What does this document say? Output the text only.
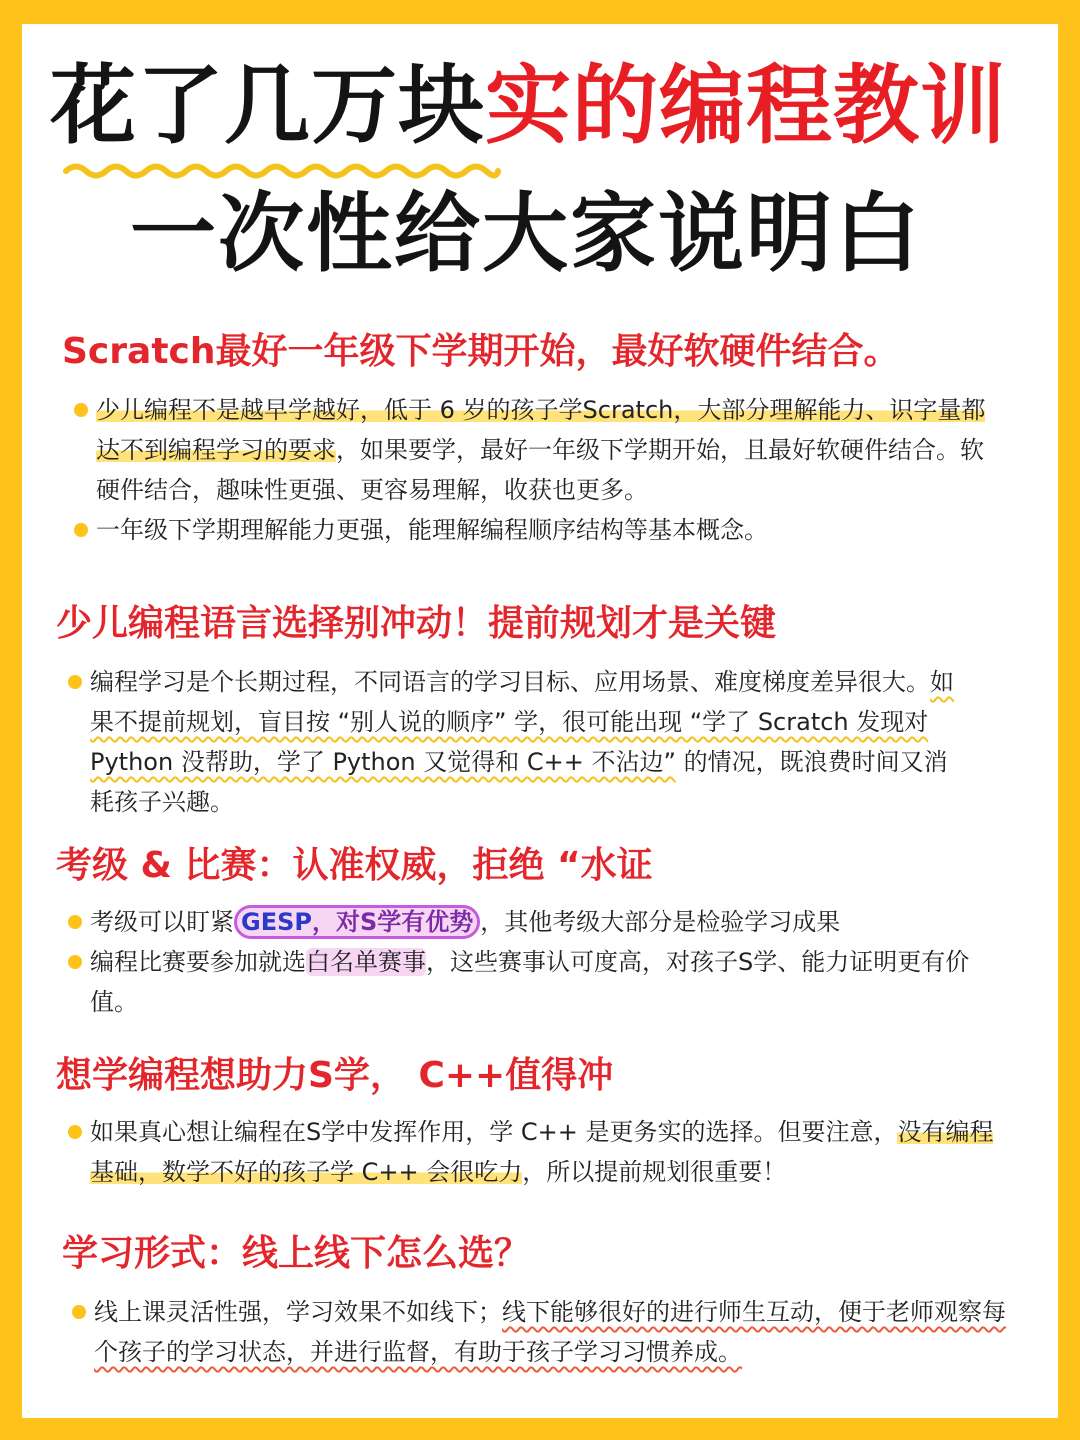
花了几万块实的编程教训
一次性给大家说明白
Scratch最好一年级下学期开始，最好软硬件结合。
少儿编程不是越早学越好，低于 6 岁的孩子学Scratch，大部分理解能力、识字量都达不到编程学习的要求，如果要学，最好一年级下学期开始，且最好软硬件结合。软硬件结合，趣味性更强、更容易理解，收获也更多。
一年级下学期理解能力更强，能理解编程顺序结构等基本概念。
少儿编程语言选择别冲动！提前规划才是关键
编程学习是个长期过程，不同语言的学习目标、应用场景、难度梯度差异很大。如果不提前规划，盲目按 “别人说的顺序” 学，很可能出现 “学了 Scratch 发现对 Python 没帮助，学了 Python 又觉得和 C++ 不沾边” 的情况，既浪费时间又消耗孩子兴趣。
考级 & 比赛：认准权威，拒绝 “水证
考级可以盯紧 GESP，对S学有优势 ，其他考级大部分是检验学习成果
编程比赛要参加就选白名单赛事，这些赛事认可度高，对孩子S学、能力证明更有价值。
想学编程想助力S学， C++值得冲
如果真心想让编程在S学中发挥作用，学 C++ 是更务实的选择。但要注意，没有编程基础，数学不好的孩子学 C++ 会很吃力，所以提前规划很重要！
学习形式：线上线下怎么选？
线上课灵活性强，学习效果不如线下；线下能够很好的进行师生互动，便于老师观察每个孩子的学习状态，并进行监督，有助于孩子学习习惯养成。
